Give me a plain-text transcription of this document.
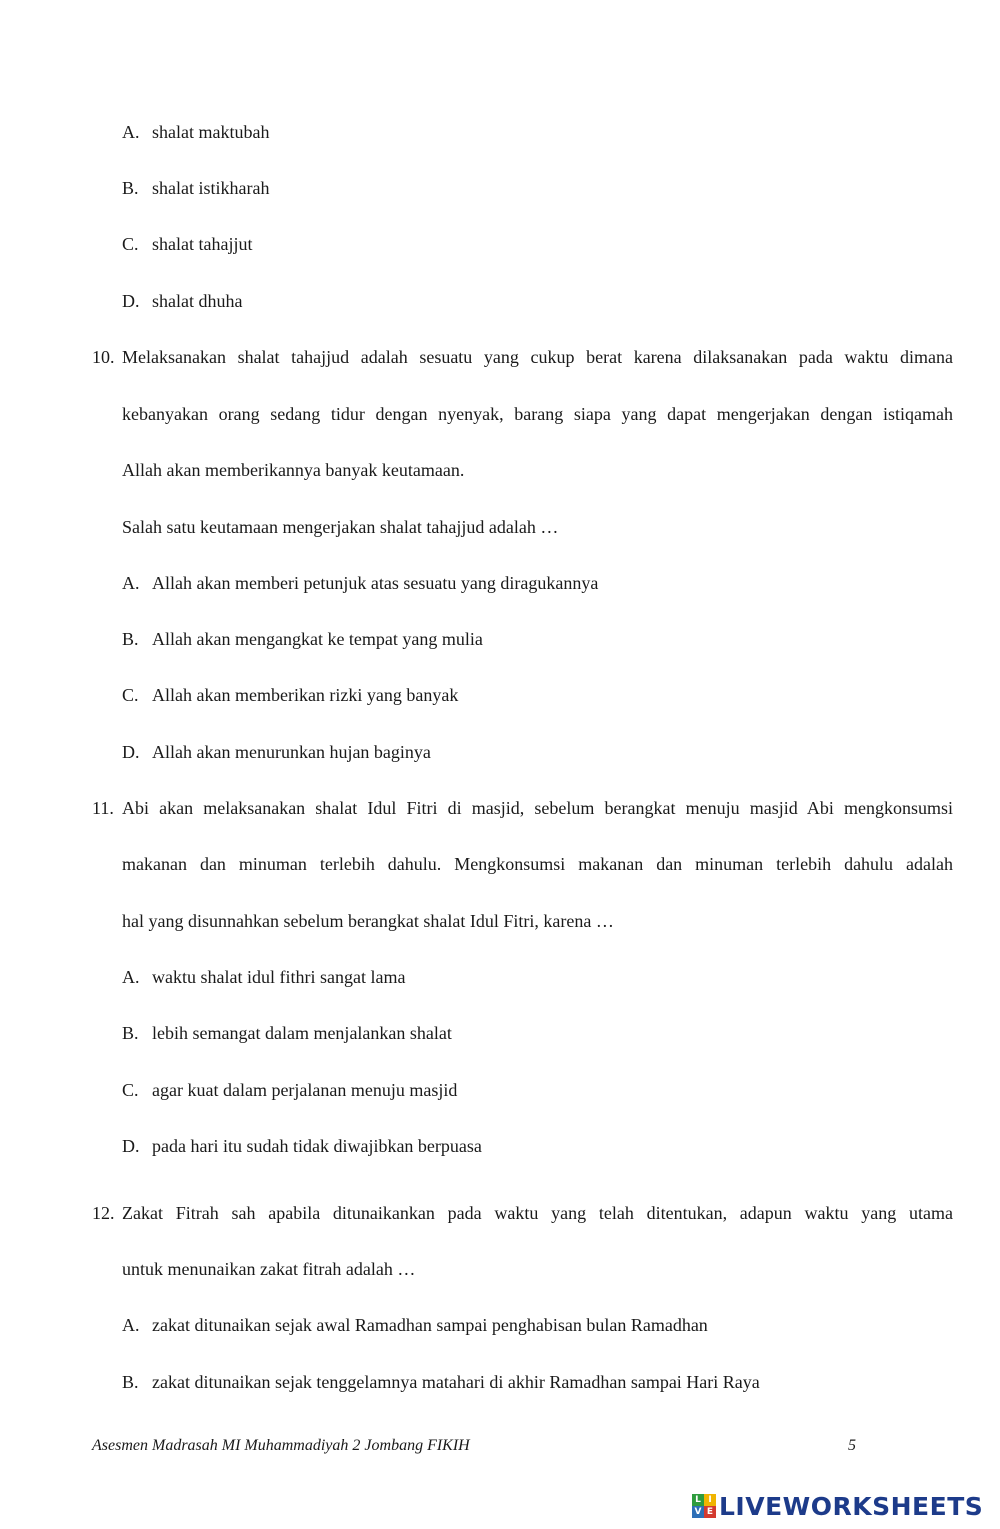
A. shalat maktubah
B. shalat istikharah
C. shalat tahajjut
D. shalat dhuha
10. Melaksanakan shalat tahajjud adalah sesuatu yang cukup berat karena dilaksanakan pada waktu dimana
kebanyakan orang sedang tidur dengan nyenyak, barang siapa yang dapat mengerjakan dengan istiqamah
Allah akan memberikannya banyak keutamaan.
Salah satu keutamaan mengerjakan shalat tahajjud adalah …
A. Allah akan memberi petunjuk atas sesuatu yang diragukannya
B. Allah akan mengangkat ke tempat yang mulia
C. Allah akan memberikan rizki yang banyak
D. Allah akan menurunkan hujan baginya
11. Abi akan melaksanakan shalat Idul Fitri di masjid, sebelum berangkat menuju masjid Abi mengkonsumsi
makanan dan minuman terlebih dahulu. Mengkonsumsi makanan dan minuman terlebih dahulu adalah
hal yang disunnahkan sebelum berangkat shalat Idul Fitri, karena …
A. waktu shalat idul fithri sangat lama
B. lebih semangat dalam menjalankan shalat
C. agar kuat dalam perjalanan menuju masjid
D. pada hari itu sudah tidak diwajibkan berpuasa
12. Zakat Fitrah sah apabila ditunaikankan pada waktu yang telah ditentukan, adapun waktu yang utama
untuk menunaikan zakat fitrah adalah …
A. zakat ditunaikan sejak awal Ramadhan sampai penghabisan bulan Ramadhan
B. zakat ditunaikan sejak tenggelamnya matahari di akhir Ramadhan sampai Hari Raya
Asesmen Madrasah MI Muhammadiyah 2 Jombang FIKIH	5
L I
V E LIVEWORKSHEETS
